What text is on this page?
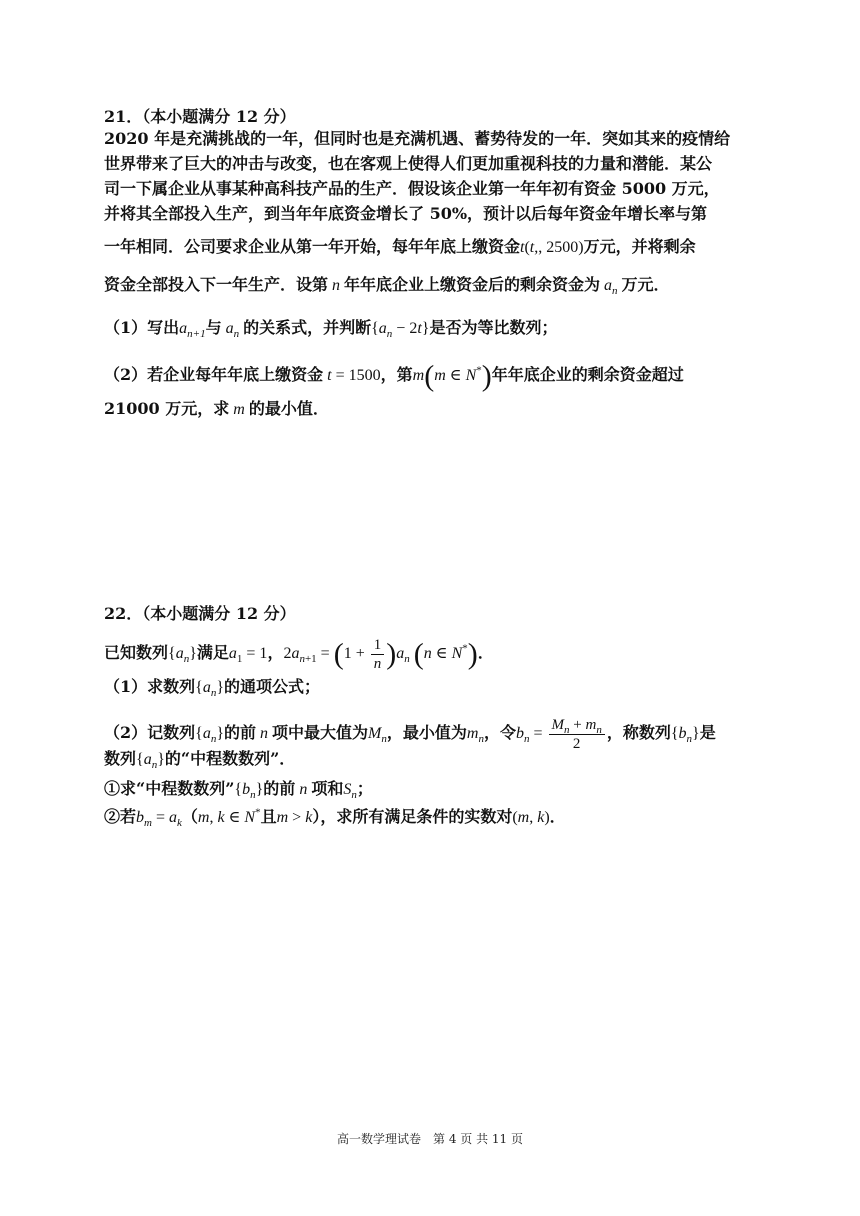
21．（本小题满分 12 分）
2020 年是充满挑战的一年，但同时也是充满机遇、蓄势待发的一年．突如其来的疫情给
世界带来了巨大的冲击与改变，也在客观上使得人们更加重视科技的力量和潜能．某公
司一下属企业从事某种高科技产品的生产．假设该企业第一年年初有资金 5000 万元，
并将其全部投入生产，到当年年底资金增长了 50%，预计以后每年资金年增长率与第
一年相同．公司要求企业从第一年开始，每年年底上缴资金t(t,, 2500)万元，并将剩余
资金全部投入下一年生产．设第 n 年年底企业上缴资金后的剩余资金为 $a_n$ 万元．
（1）写出$a_{n+1}$与 $a_n$ 的关系式，并判断$\{a_n - 2t\}$是否为等比数列；
（2）若企业每年年底上缴资金 t = 1500，第m(m ∈ N*)年年底企业的剩余资金超过
21000 万元，求 m 的最小值．
22．（本小题满分 12 分）
已知数列$\{a_n\}$满足$a_1 = 1$，$2a_{n+1} = (1 + \frac{1}{n} )a_n$ (n ∈ N*)．
（1）求数列$\{a_n\}$的通项公式；
（2）记数列$\{a_n\}$的前 n 项中最大值为$M_n$，最小值为$m_n$，令$b_n = \frac{M_n + m_n}{2}$ ，称数列$\{b_n\}$是
数列$\{a_n\}$的“中程数数列”．
①求“中程数数列$”\{b_n\}$的前 n 项和$S_n$；
②若$b_m = a_k(m$, k ∈ N*且m > k），求所有满足条件的实数对(m, k)．
高一数学理试卷　第 4 页 共 11 页
